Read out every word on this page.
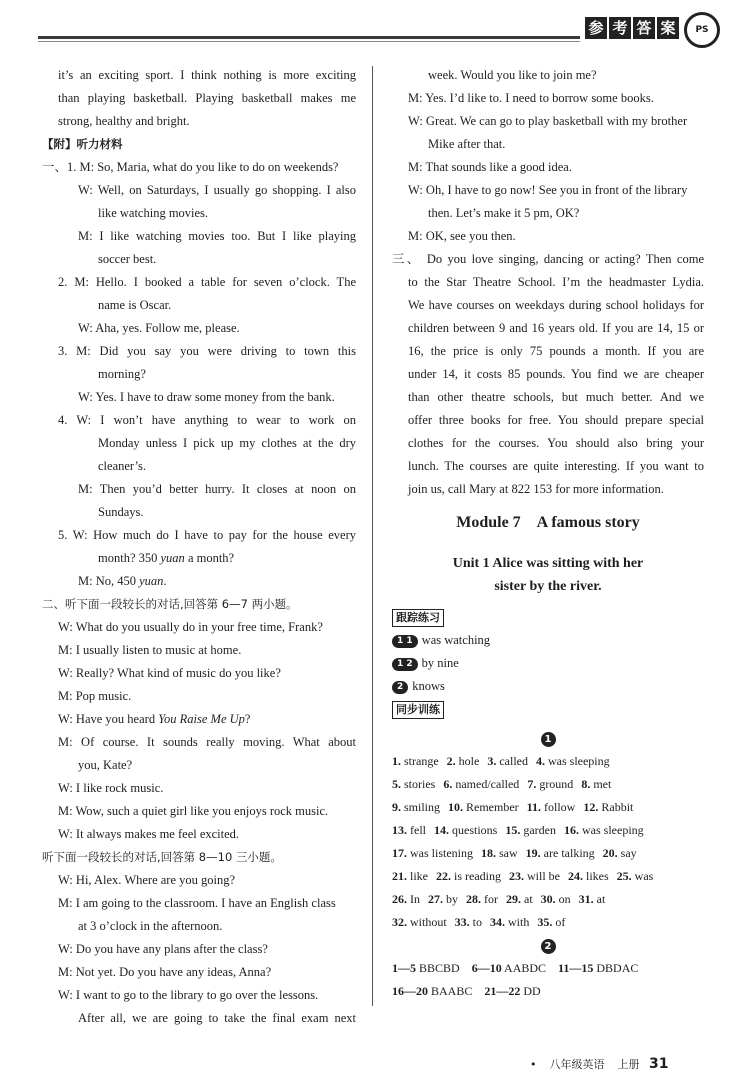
参 考 答 案	PS
it’s an exciting sport. I think nothing is more exciting
than playing basketball. Playing basketball makes me
strong, healthy and bright.
【附】听力材料
一、1. M: So, Maria, what do you like to do on weekends?
W: Well, on Saturdays, I usually go shopping. I also
like watching movies.
M: I like watching movies too. But I like playing
soccer best.
2. M: Hello. I booked a table for seven o’clock. The
name is Oscar.
W: Aha, yes. Follow me, please.
3. M: Did you say you were driving to town this
morning?
W: Yes. I have to draw some money from the bank.
4. W: I won’t have anything to wear to work on
Monday unless I pick up my clothes at the dry
cleaner’s.
M: Then you’d better hurry. It closes at noon on
Sundays.
5. W: How much do I have to pay for the house every
month? 350 yuan a month?
M: No, 450 yuan.
二、听下面一段较长的对话,回答第 6—7 两小题。
W: What do you usually do in your free time, Frank?
M: I usually listen to music at home.
W: Really? What kind of music do you like?
M: Pop music.
W: Have you heard You Raise Me Up?
M: Of course. It sounds really moving. What about
you, Kate?
W: I like rock music.
M: Wow, such a quiet girl like you enjoys rock music.
W: It always makes me feel excited.
听下面一段较长的对话,回答第 8—10 三小题。
W: Hi, Alex. Where are you going?
M: I am going to the classroom. I have an English class
at 3 o’clock in the afternoon.
W: Do you have any plans after the class?
M: Not yet. Do you have any ideas, Anna?
W: I want to go to the library to go over the lessons.
After all, we are going to take the final exam next
week. Would you like to join me?
M: Yes. I’d like to. I need to borrow some books.
W: Great. We can go to play basketball with my brother
Mike after that.
M: That sounds like a good idea.
W: Oh, I have to go now! See you in front of the library
then. Let’s make it 5 pm, OK?
M: OK, see you then.
三、 Do you love singing, dancing or acting? Then come
to the Star Theatre School. I’m the headmaster Lydia.
We have courses on weekdays during school holidays for
children between 9 and 16 years old. If you are 14, 15 or
16, the price is only 75 pounds a month. If you are
under 14, it costs 85 pounds. You find we are cheaper
than other theatre schools, but much better. And we
offer three books for free. You should prepare special
clothes for the courses. You should also bring your
lunch. The courses are quite interesting. If you want to
join us, call Mary at 822 153 for more information.
Module 7　A famous story
Unit 1 Alice was sitting with her
sister by the river.
跟踪练习
1 1 was watching
1 2 by nine
2 knows
同步训练
1
1. strange 2. hole 3. called 4. was sleeping
5. stories 6. named/called 7. ground 8. met
9. smiling 10. Remember 11. follow 12. Rabbit
13. fell 14. questions 15. garden 16. was sleeping
17. was listening 18. saw 19. are talking 20. say
21. like 22. is reading 23. will be 24. likes 25. was
26. In 27. by 28. for 29. at 30. on 31. at
32. without 33. to 34. with 35. of
2
1—5 BBCBD 6—10 AABDC 11—15 DBDAC
16—20 BAABC 21—22 DD
• 八年级英语 上册 31
